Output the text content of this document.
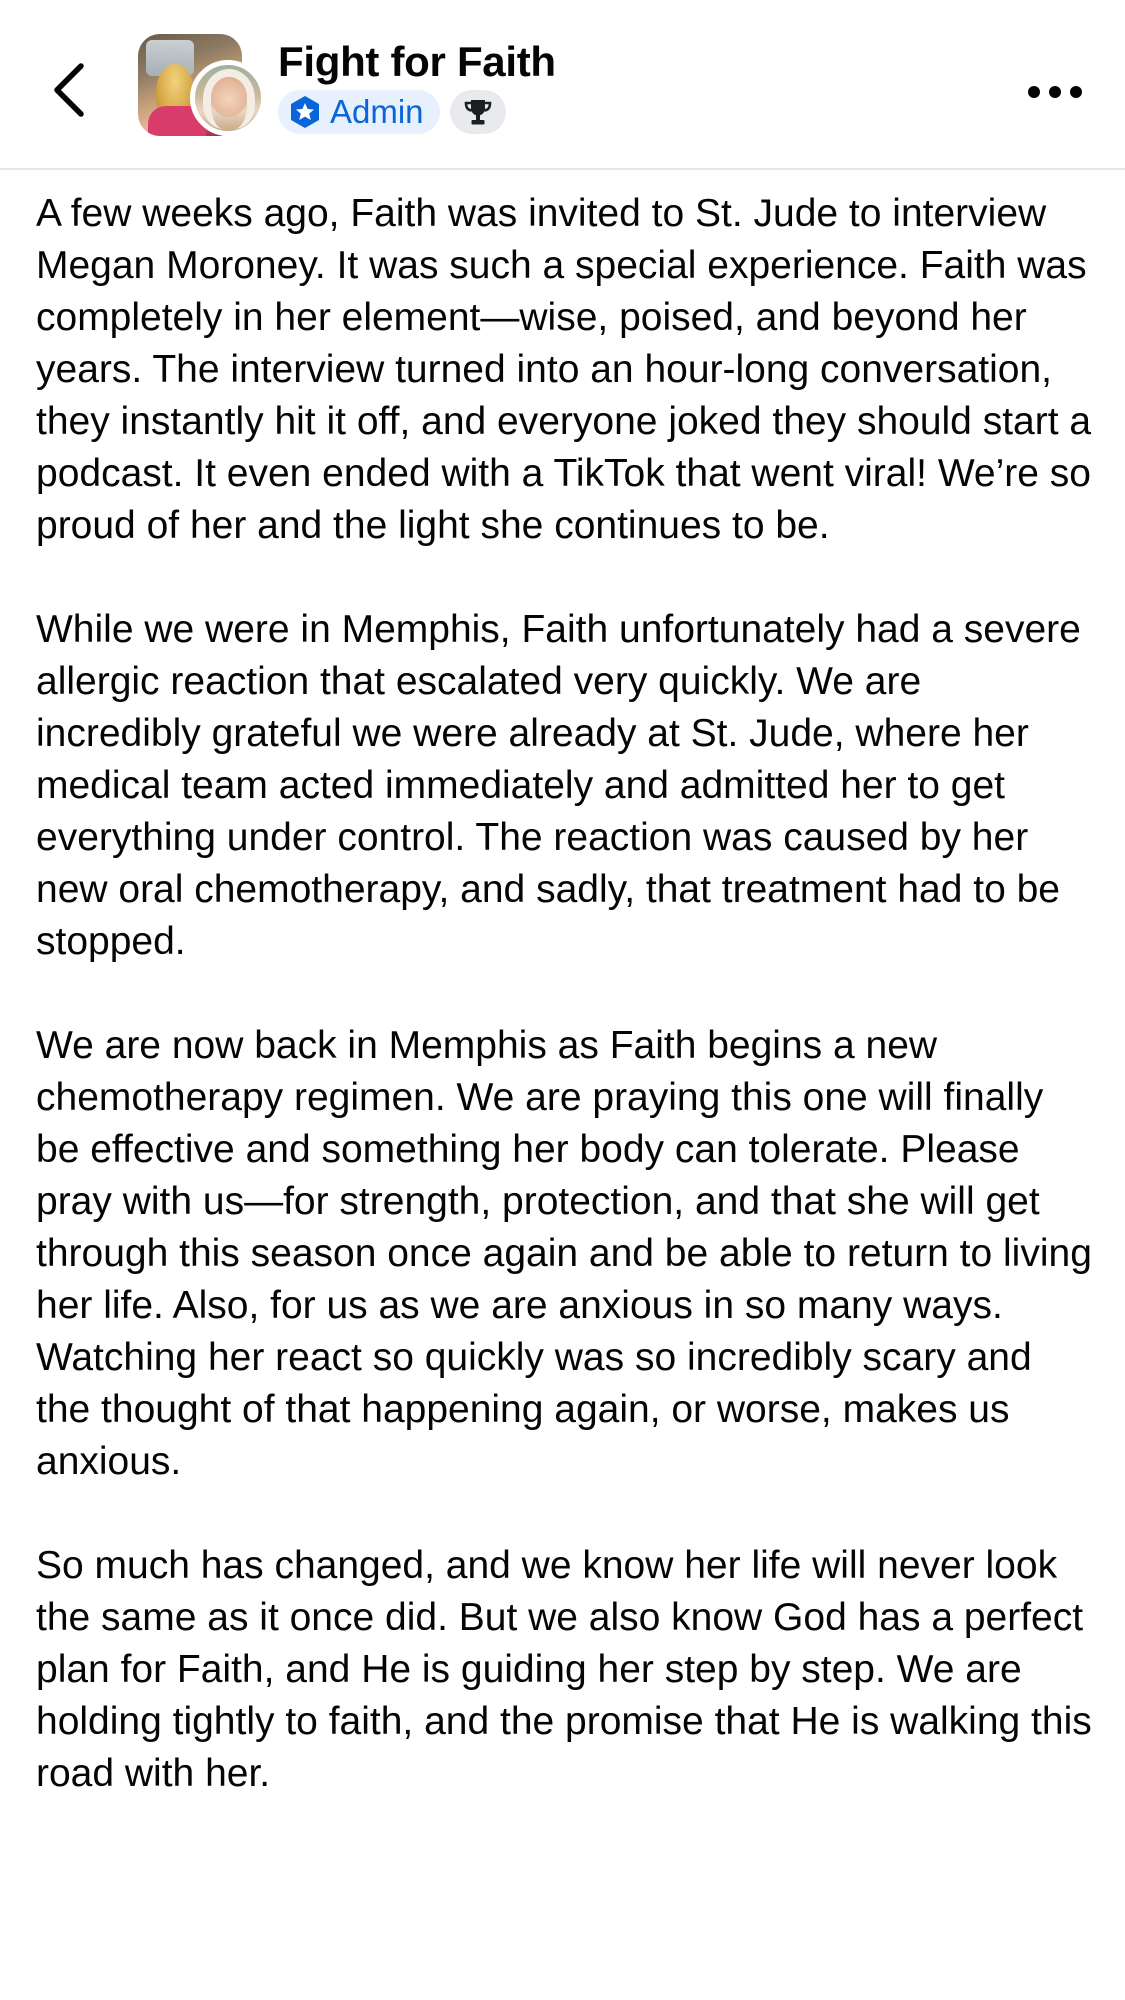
Fight for Faith
Admin

A few weeks ago, Faith was invited to St. Jude to interview Megan Moroney. It was such a special experience. Faith was completely in her element—wise, poised, and beyond her years. The interview turned into an hour-long conversation, they instantly hit it off, and everyone joked they should start a podcast. It even ended with a TikTok that went viral! We’re so proud of her and the light she continues to be.

While we were in Memphis, Faith unfortunately had a severe allergic reaction that escalated very quickly. We are incredibly grateful we were already at St. Jude, where her medical team acted immediately and admitted her to get everything under control. The reaction was caused by her new oral chemotherapy, and sadly, that treatment had to be stopped.

We are now back in Memphis as Faith begins a new chemotherapy regimen. We are praying this one will finally be effective and something her body can tolerate. Please pray with us—for strength, protection, and that she will get through this season once again and be able to return to living her life. Also, for us as we are anxious in so many ways. Watching her react so quickly was so incredibly scary and the thought of that happening again, or worse, makes us anxious.

So much has changed, and we know her life will never look the same as it once did. But we also know God has a perfect plan for Faith, and He is guiding her step by step. We are holding tightly to faith, and the promise that He is walking this road with her.
